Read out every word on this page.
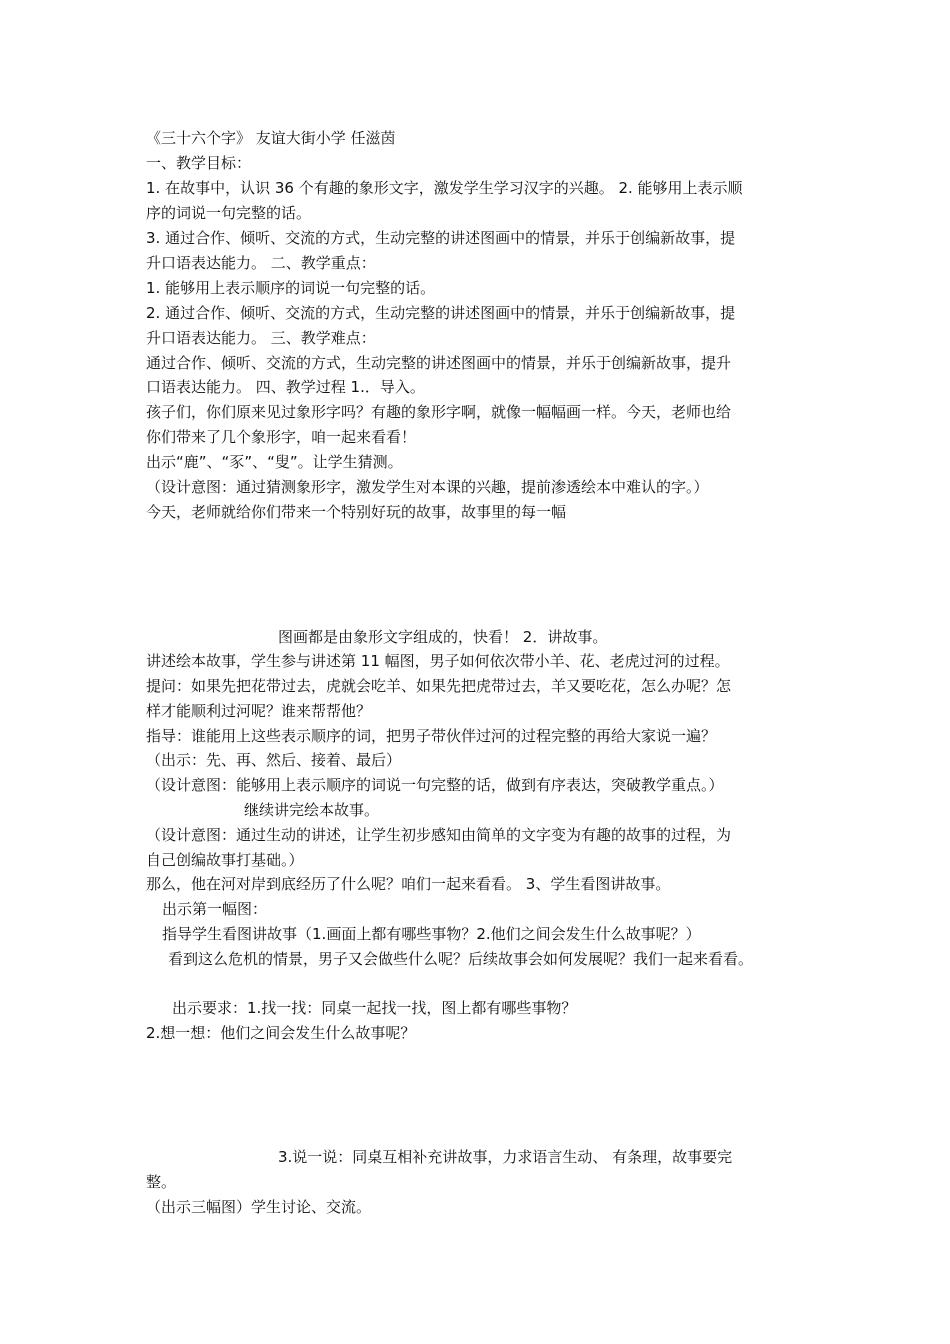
《三十六个字》 友谊大街小学 任滋茵

一、教学目标：

1. 在故事中，认识 36 个有趣的象形文字，激发学生学习汉字的兴趣。 2. 能够用上表示顺

序的词说一句完整的话。

3. 通过合作、倾听、交流的方式，生动完整的讲述图画中的情景，并乐于创编新故事，提

升口语表达能力。 二、教学重点：

1. 能够用上表示顺序的词说一句完整的话。

2. 通过合作、倾听、交流的方式，生动完整的讲述图画中的情景，并乐于创编新故事，提

升口语表达能力。 三、教学难点：

通过合作、倾听、交流的方式，生动完整的讲述图画中的情景，并乐于创编新故事，提升

口语表达能力。 四、教学过程 1.．导入。

孩子们，你们原来见过象形字吗？有趣的象形字啊，就像一幅幅画一样。今天，老师也给

你们带来了几个象形字，咱一起来看看！

出示“鹿”、“豕”、“叟”。让学生猜测。

（设计意图：通过猜测象形字，激发学生对本课的兴趣，提前渗透绘本中难认的字。）

今天，老师就给你们带来一个特别好玩的故事，故事里的每一幅

图画都是由象形文字组成的，快看！ 2．讲故事。

讲述绘本故事，学生参与讲述第 11 幅图，男子如何依次带小羊、花、老虎过河的过程。

提问：如果先把花带过去，虎就会吃羊、如果先把虎带过去，羊又要吃花，怎么办呢？怎

样才能顺利过河呢？谁来帮帮他？

指导：谁能用上这些表示顺序的词，把男子带伙伴过河的过程完整的再给大家说一遍？

（出示：先、再、然后、接着、最后）

（设计意图：能够用上表示顺序的词说一句完整的话，做到有序表达，突破教学重点。）

继续讲完绘本故事。

（设计意图：通过生动的讲述，让学生初步感知由简单的文字变为有趣的故事的过程，为

自己创编故事打基础。）

那么，他在河对岸到底经历了什么呢？咱们一起来看看。 3、学生看图讲故事。

出示第一幅图：

指导学生看图讲故事（1.画面上都有哪些事物？2.他们之间会发生什么故事呢？）

看到这么危机的情景，男子又会做些什么呢？后续故事会如何发展呢？我们一起来看看。

出示要求：1.找一找：同桌一起找一找，图上都有哪些事物？

2.想一想：他们之间会发生什么故事呢？

3.说一说：同桌互相补充讲故事，力求语言生动、 有条理，故事要完

整。

（出示三幅图）学生讨论、交流。
